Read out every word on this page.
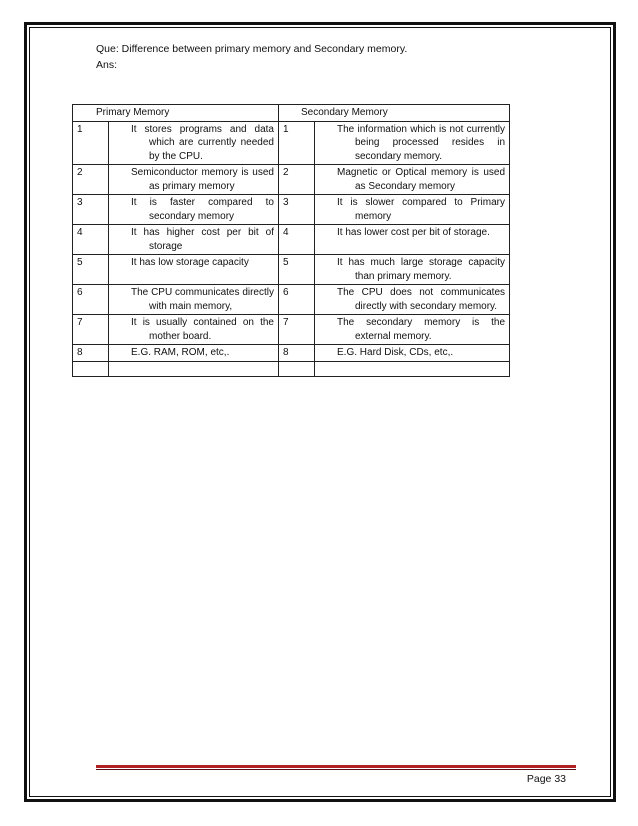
Que: Difference between primary memory and Secondary memory.
Ans:
Primary Memory		Secondary Memory	
1	It stores programs and data which are currently needed by the CPU.	1	The information which is not currently being processed resides in secondary memory.
2	Semiconductor memory is used as primary memory	2	Magnetic or Optical memory is used as Secondary memory
3	It is faster compared to secondary memory	3	It is slower compared to Primary memory
4	It has higher cost per bit of storage	4	It has lower cost per bit of storage.
5	It has low storage capacity	5	It has much large storage capacity than primary memory.
6	The CPU communicates directly with main memory,	6	The CPU does not communicates directly with secondary memory.
7	It is usually contained on the mother board.	7	The secondary memory is the external memory.
8	E.G. RAM, ROM, etc,.	8	E.G. Hard Disk, CDs, etc,.

Page 33
